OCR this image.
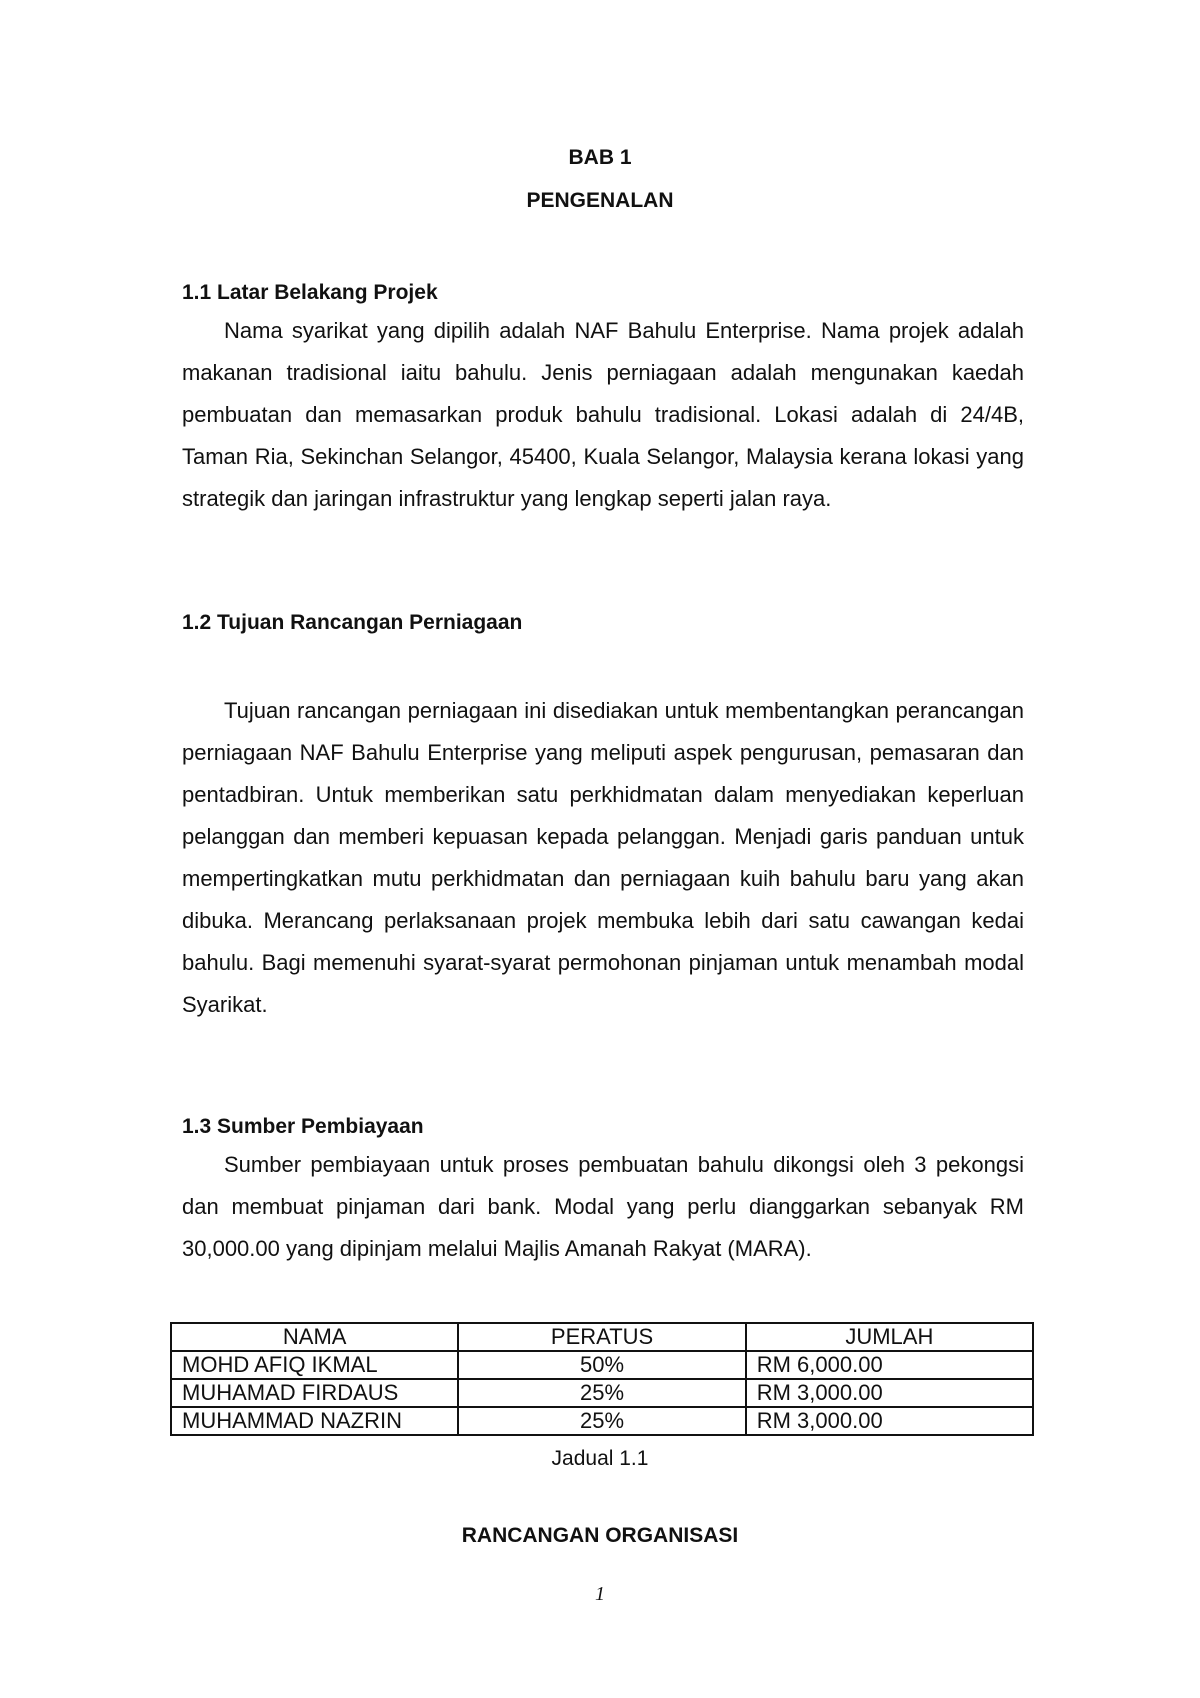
BAB 1
PENGENALAN
1.1 Latar Belakang Projek
Nama syarikat yang dipilih adalah NAF Bahulu Enterprise. Nama projek adalah makanan tradisional iaitu bahulu. Jenis perniagaan adalah mengunakan kaedah pembuatan dan memasarkan produk bahulu tradisional. Lokasi adalah di 24/4B, Taman Ria, Sekinchan Selangor, 45400, Kuala Selangor, Malaysia kerana lokasi yang strategik dan jaringan infrastruktur yang lengkap seperti jalan raya.
1.2 Tujuan Rancangan Perniagaan
Tujuan rancangan perniagaan ini disediakan untuk membentangkan perancangan perniagaan NAF Bahulu Enterprise yang meliputi aspek pengurusan, pemasaran dan pentadbiran. Untuk memberikan satu perkhidmatan dalam menyediakan keperluan pelanggan dan memberi kepuasan kepada pelanggan. Menjadi garis panduan untuk mempertingkatkan mutu perkhidmatan dan perniagaan kuih bahulu baru yang akan dibuka. Merancang perlaksanaan projek membuka lebih dari satu cawangan kedai bahulu. Bagi memenuhi syarat-syarat permohonan pinjaman untuk menambah modal Syarikat.
1.3 Sumber Pembiayaan
Sumber pembiayaan untuk proses pembuatan bahulu dikongsi oleh 3 pekongsi dan membuat pinjaman dari bank. Modal yang perlu dianggarkan sebanyak RM 30,000.00 yang dipinjam melalui Majlis Amanah Rakyat (MARA).
NAMA	PERATUS	JUMLAH
MOHD AFIQ IKMAL	50%	RM 6,000.00
MUHAMAD FIRDAUS	25%	RM 3,000.00
MUHAMMAD NAZRIN	25%	RM 3,000.00
Jadual 1.1
RANCANGAN ORGANISASI
1
